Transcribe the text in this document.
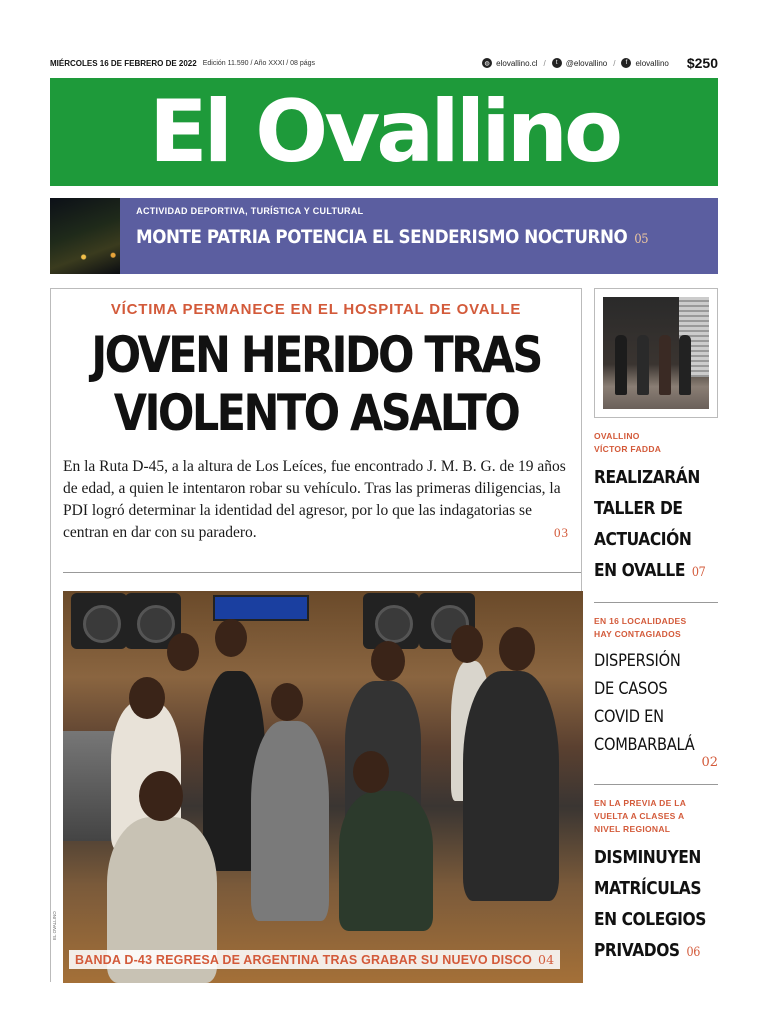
MIÉRCOLES 16 DE FEBRERO DE 2022 Edición 11.590 / Año XXXI / 08 págs	◍ elovallino.cl /	t	@elovallino /	f	elovallino $250
El Ovallino
ACTIVIDAD DEPORTIVA, TURÍSTICA Y CULTURAL
MONTE PATRIA POTENCIA EL SENDERISMO NOCTURNO 05
VÍCTIMA PERMANECE EN EL HOSPITAL DE OVALLE
JOVEN HERIDO TRAS
VIOLENTO ASALTO
En la Ruta D-45, a la altura de Los Leíces, fue encontrado J. M. B. G. de 19 años de edad, a quien le intentaron robar su vehículo. Tras las primeras diligencias, la PDI logró determinar la identidad del agresor, por lo que las indagatorias se centran en dar con su paradero.	03
BANDA D-43 REGRESA DE ARGENTINA TRAS GRABAR SU NUEVO DISCO 04
EL OVALLINO
OVALLINO
VÍCTOR FADDA
REALIZARÁN
TALLER DE
ACTUACIÓN
EN OVALLE 07
EN 16 LOCALIDADES
HAY CONTAGIADOS
DISPERSIÓN
DE CASOS
COVID EN
COMBARBALÁ
02
EN LA PREVIA DE LA
VUELTA A CLASES A
NIVEL REGIONAL
DISMINUYEN
MATRÍCULAS
EN COLEGIOS
PRIVADOS 06
